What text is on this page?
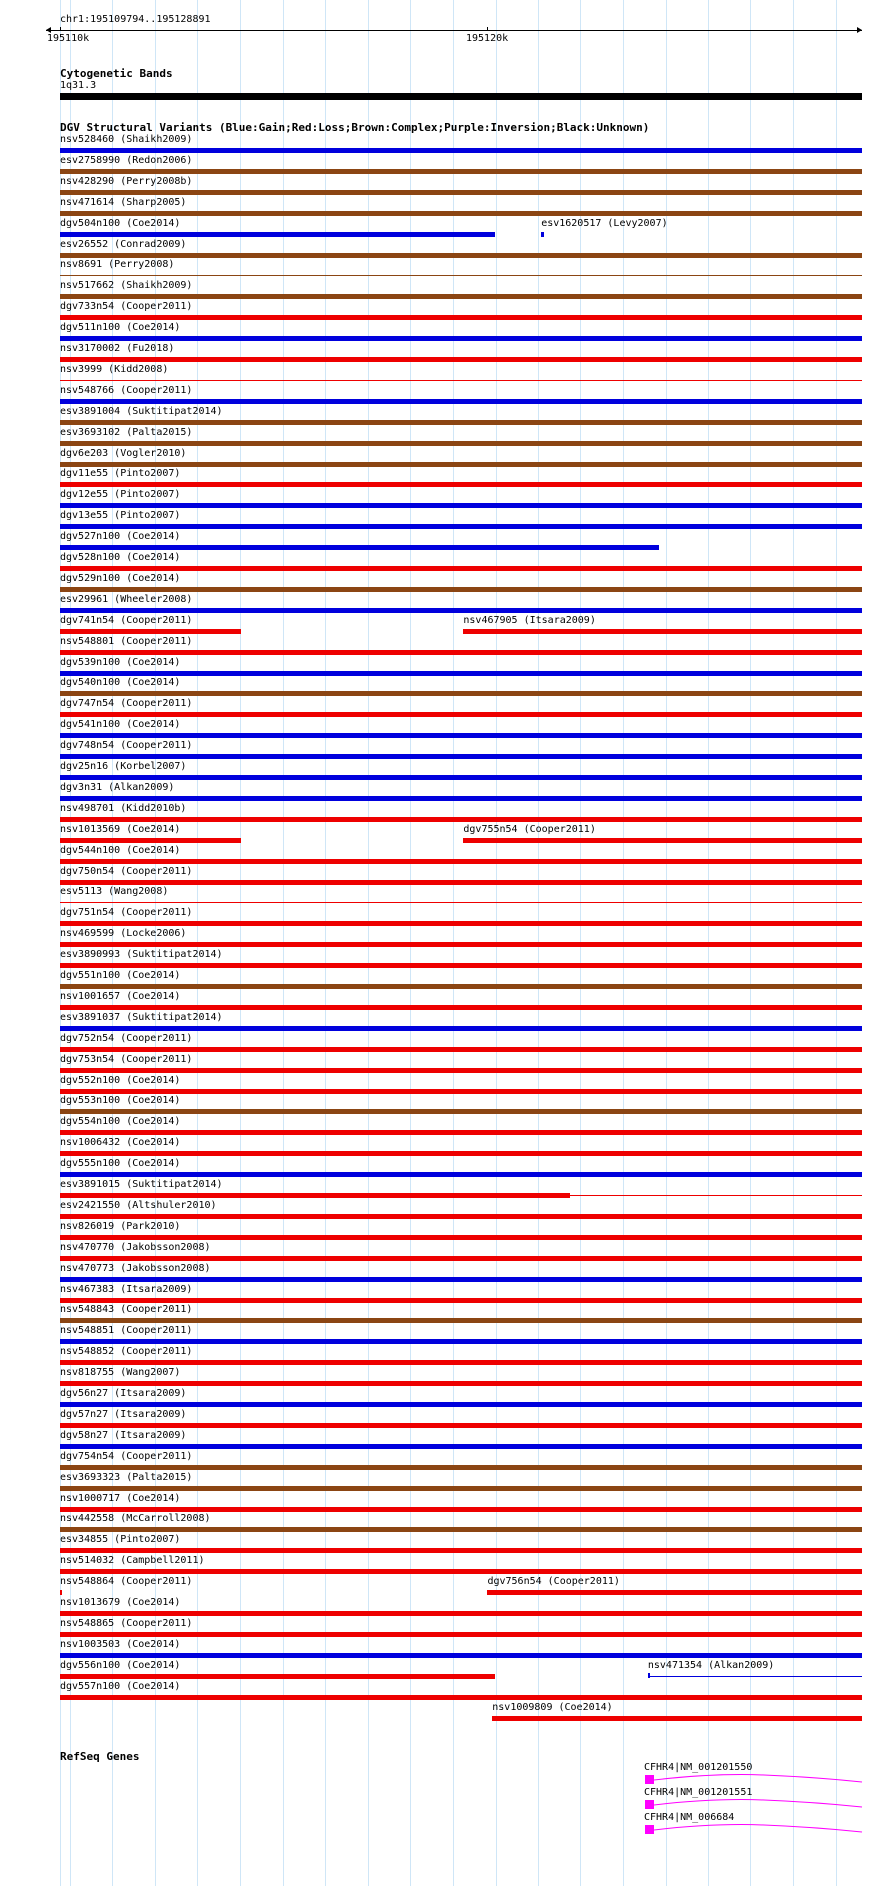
chr1:195109794..195128891
195110k	195120k
Cytogenetic Bands
1q31.3
DGV Structural Variants (Blue:Gain;Red:Loss;Brown:Complex;Purple:Inversion;Black:Unknown)
nsv528460 (Shaikh2009)
esv2758990 (Redon2006)
nsv428290 (Perry2008b)
nsv471614 (Sharp2005)
dgv504n100 (Coe2014)	esv1620517 (Levy2007)
esv26552 (Conrad2009)
nsv8691 (Perry2008)
nsv517662 (Shaikh2009)
dgv733n54 (Cooper2011)
dgv511n100 (Coe2014)
nsv3170002 (Fu2018)
nsv3999 (Kidd2008)
nsv548766 (Cooper2011)
esv3891004 (Suktitipat2014)
esv3693102 (Palta2015)
dgv6e203 (Vogler2010)
dgv11e55 (Pinto2007)
dgv12e55 (Pinto2007)
dgv13e55 (Pinto2007)
dgv527n100 (Coe2014)
dgv528n100 (Coe2014)
dgv529n100 (Coe2014)
esv29961 (Wheeler2008)
dgv741n54 (Cooper2011)	nsv467905 (Itsara2009)
nsv548801 (Cooper2011)
dgv539n100 (Coe2014)
dgv540n100 (Coe2014)
dgv747n54 (Cooper2011)
dgv541n100 (Coe2014)
dgv748n54 (Cooper2011)
dgv25n16 (Korbel2007)
dgv3n31 (Alkan2009)
nsv498701 (Kidd2010b)
nsv1013569 (Coe2014)	dgv755n54 (Cooper2011)
dgv544n100 (Coe2014)
dgv750n54 (Cooper2011)
esv5113 (Wang2008)
dgv751n54 (Cooper2011)
nsv469599 (Locke2006)
esv3890993 (Suktitipat2014)
dgv551n100 (Coe2014)
nsv1001657 (Coe2014)
esv3891037 (Suktitipat2014)
dgv752n54 (Cooper2011)
dgv753n54 (Cooper2011)
dgv552n100 (Coe2014)
dgv553n100 (Coe2014)
dgv554n100 (Coe2014)
nsv1006432 (Coe2014)
dgv555n100 (Coe2014)
esv3891015 (Suktitipat2014)
esv2421550 (Altshuler2010)
nsv826019 (Park2010)
nsv470770 (Jakobsson2008)
nsv470773 (Jakobsson2008)
nsv467383 (Itsara2009)
nsv548843 (Cooper2011)
nsv548851 (Cooper2011)
nsv548852 (Cooper2011)
nsv818755 (Wang2007)
dgv56n27 (Itsara2009)
dgv57n27 (Itsara2009)
dgv58n27 (Itsara2009)
dgv754n54 (Cooper2011)
esv3693323 (Palta2015)
nsv1000717 (Coe2014)
nsv442558 (McCarroll2008)
esv34855 (Pinto2007)
nsv514032 (Campbell2011)
nsv548864 (Cooper2011)	dgv756n54 (Cooper2011)
nsv1013679 (Coe2014)
nsv548865 (Cooper2011)
nsv1003503 (Coe2014)
dgv556n100 (Coe2014)	nsv471354 (Alkan2009)
dgv557n100 (Coe2014)
nsv1009809 (Coe2014)
RefSeq Genes
CFHR4|NM_001201550
CFHR4|NM_001201551
CFHR4|NM_006684
